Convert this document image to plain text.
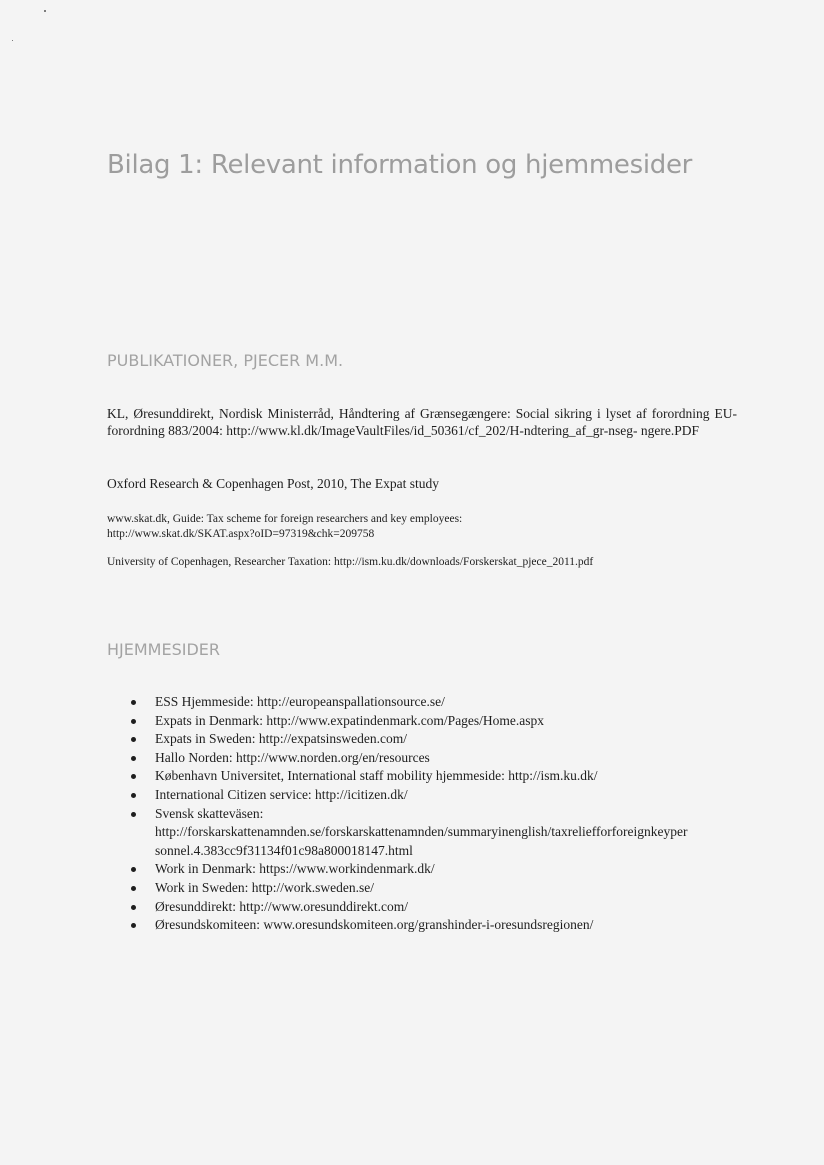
Bilag 1: Relevant information og hjemmesider
PUBLIKATIONER, PJECER M.M.

KL, Øresunddirekt, Nordisk Ministerråd, Håndtering af Grænsegængere: Social sikring i lyset af forordning EU-forordning 883/2004: http://www.kl.dk/ImageVaultFiles/id_50361/cf_202/H-ndtering_af_gr-nseg- ngere.PDF

Oxford Research & Copenhagen Post, 2010, The Expat study

www.skat.dk, Guide: Tax scheme for foreign researchers and key employees:
http://www.skat.dk/SKAT.aspx?oID=97319&chk=209758

University of Copenhagen, Researcher Taxation: http://ism.ku.dk/downloads/Forskerskat_pjece_2011.pdf

HJEMMESIDER
ESS Hjemmeside: http://europeanspallationsource.se/
Expats in Denmark: http://www.expatindenmark.com/Pages/Home.aspx
Expats in Sweden: http://expatsinsweden.com/
Hallo Norden: http://www.norden.org/en/resources
København Universitet, International staff mobility hjemmeside: http://ism.ku.dk/
International Citizen service: http://icitizen.dk/
Svensk skatteväsen:
http://forskarskattenamnden.se/forskarskattenamnden/summaryinenglish/taxreliefforforeignkeyper
sonnel.4.383cc9f31134f01c98a800018147.html
Work in Denmark: https://www.workindenmark.dk/
Work in Sweden: http://work.sweden.se/
Øresunddirekt: http://www.oresunddirekt.com/
Øresundskomiteen: www.oresundskomiteen.org/granshinder-i-oresundsregionen/
